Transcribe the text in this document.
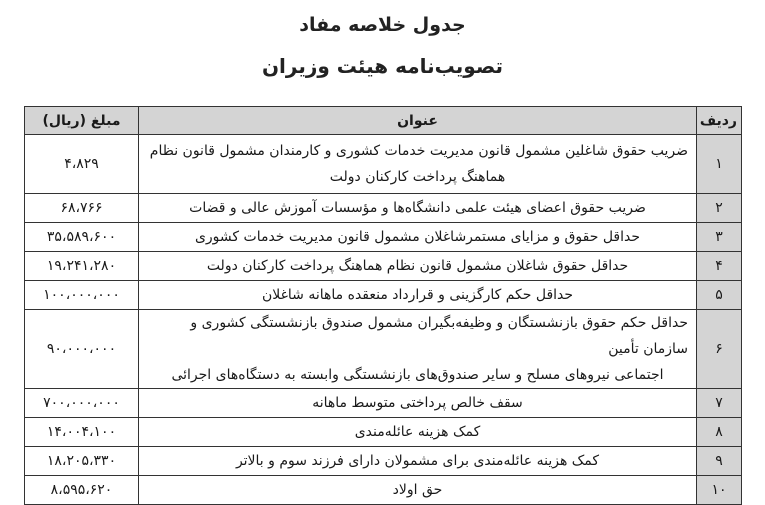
جدول خلاصه مفاد
تصویب‌نامه هیئت وزیران
ردیف	عنوان	مبلغ (ریال)
۱	ضریب حقوق شاغلین مشمول قانون مدیریت خدمات کشوری و کارمندان مشمول قانون نظام
هماهنگ پرداخت کارکنان دولت	۴،۸۲۹
۲	ضریب حقوق اعضای هیئت علمی دانشگاه‌ها و مؤسسات آموزش عالی و قضات	۶۸،۷۶۶
۳	حداقل حقوق و مزایای مستمرشاغلان مشمول قانون مدیریت خدمات کشوری	۳۵،۵۸۹،۶۰۰
۴	حداقل حقوق شاغلان مشمول قانون نظام هماهنگ پرداخت کارکنان دولت	۱۹،۲۴۱،۲۸۰
۵	حداقل حکم کارگزینی و قرارداد منعقده ماهانه شاغلان	۱۰۰،۰۰۰،۰۰۰
۶	حداقل حکم حقوق بازنشستگان و وظیفه‌بگیران مشمول صندوق بازنشستگی کشوری و سازمان تأمین
اجتماعی نیروهای مسلح و سایر صندوق‌های بازنشستگی وابسته به دستگاه‌های اجرائی	۹۰،۰۰۰،۰۰۰
۷	سقف خالص پرداختی متوسط ماهانه	۷۰۰،۰۰۰،۰۰۰
۸	کمک هزینه عائله‌مندی	۱۴،۰۰۴،۱۰۰
۹	کمک هزینه عائله‌مندی برای مشمولان دارای فرزند سوم و بالاتر	۱۸،۲۰۵،۳۳۰
۱۰	حق اولاد	۸،۵۹۵،۶۲۰
